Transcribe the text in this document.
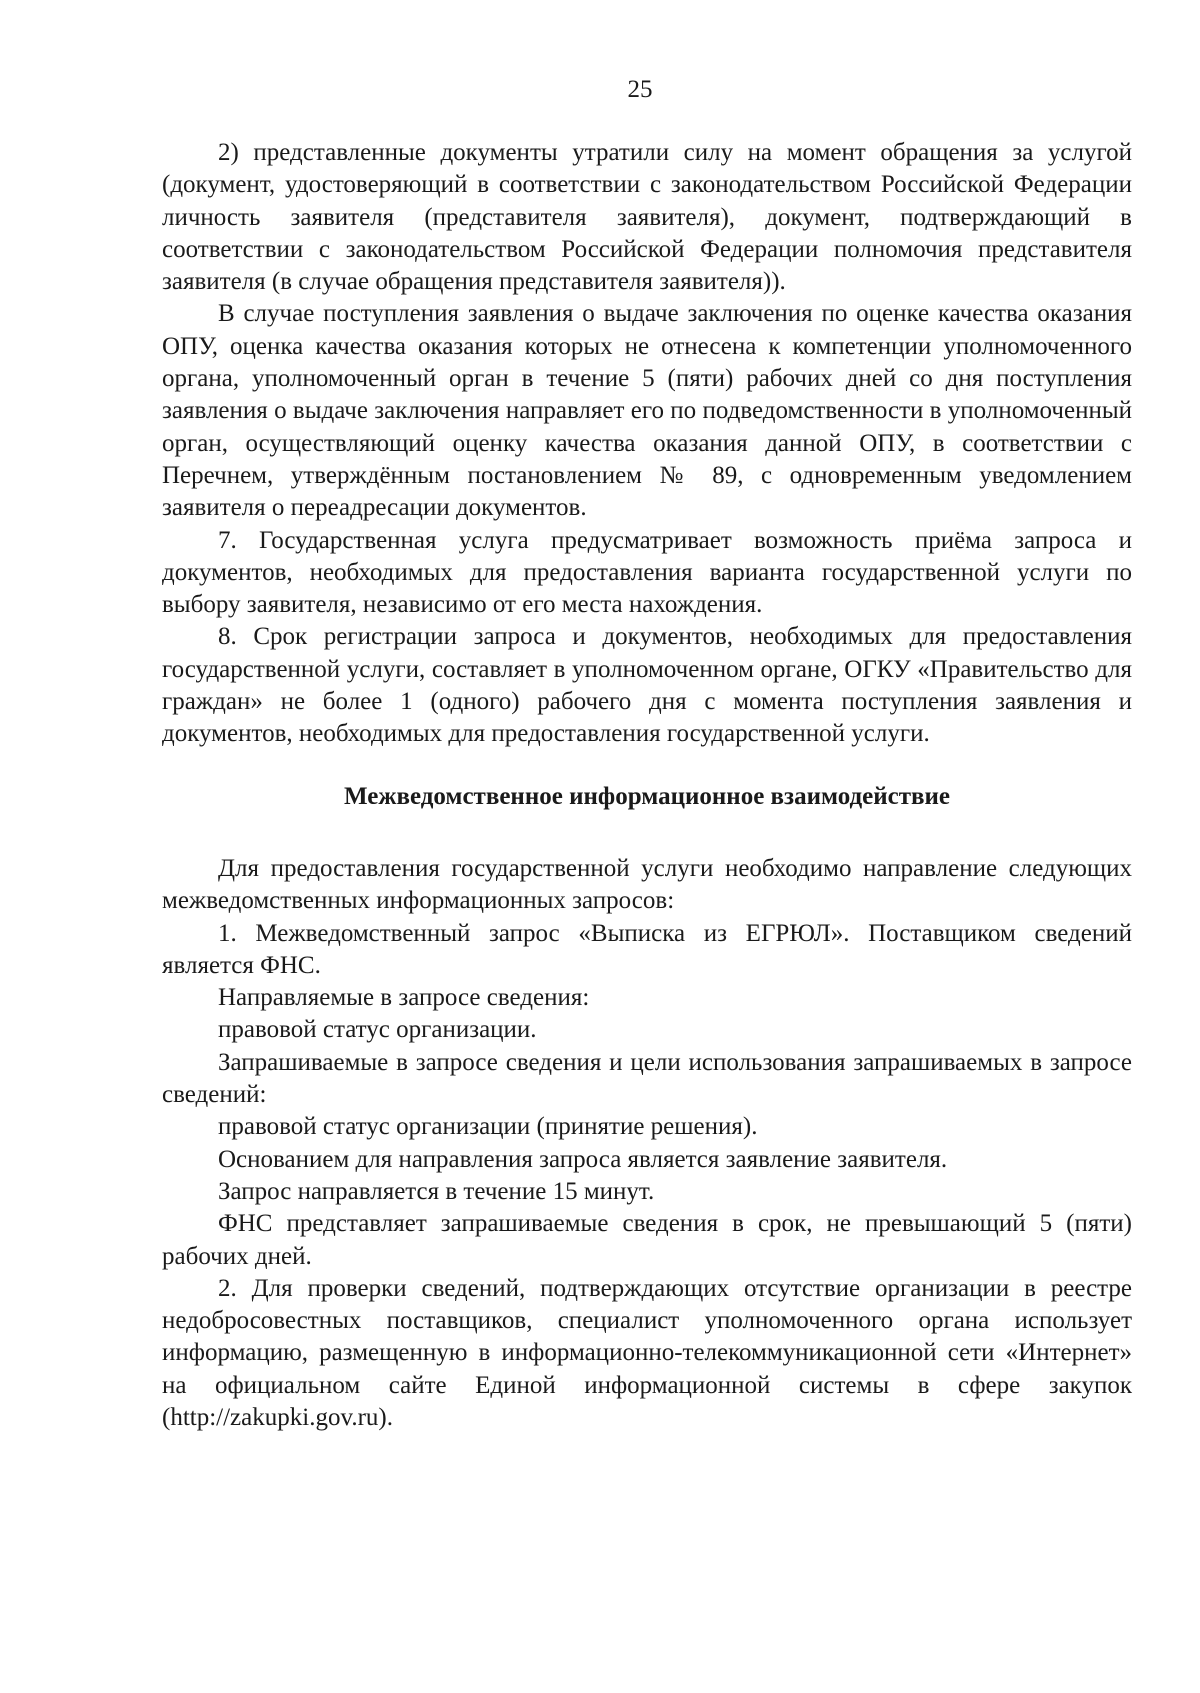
25

2) представленные документы утратили силу на момент обращения за услугой (документ, удостоверяющий в соответствии с законодательством Российской Федерации личность заявителя (представителя заявителя), документ, подтверждающий в соответствии с законодательством Российской Федерации полномочия представителя заявителя (в случае обращения представителя заявителя)).

В случае поступления заявления о выдаче заключения по оценке качества оказания ОПУ, оценка качества оказания которых не отнесена к компетенции уполномоченного органа, уполномоченный орган в течение 5 (пяти) рабочих дней со дня поступления заявления о выдаче заключения направляет его по подведомственности в уполномоченный орган, осуществляющий оценку качества оказания данной ОПУ, в соответствии с Перечнем, утверждённым постановлением № 89, с одновременным уведомлением заявителя о переадресации документов.

7. Государственная услуга предусматривает возможность приёма запроса и документов, необходимых для предоставления варианта государственной услуги по выбору заявителя, независимо от его места нахождения.

8. Срок регистрации запроса и документов, необходимых для предоставления государственной услуги, составляет в уполномоченном органе, ОГКУ «Правительство для граждан» не более 1 (одного) рабочего дня с момента поступления заявления и документов, необходимых для предоставления государственной услуги.

Межведомственное информационное взаимодействие

Для предоставления государственной услуги необходимо направление следующих межведомственных информационных запросов:

1. Межведомственный запрос «Выписка из ЕГРЮЛ». Поставщиком сведений является ФНС.

Направляемые в запросе сведения:

правовой статус организации.

Запрашиваемые в запросе сведения и цели использования запрашиваемых в запросе сведений:

правовой статус организации (принятие решения).

Основанием для направления запроса является заявление заявителя.

Запрос направляется в течение 15 минут.

ФНС представляет запрашиваемые сведения в срок, не превышающий 5 (пяти) рабочих дней.

2. Для проверки сведений, подтверждающих отсутствие организации в реестре недобросовестных поставщиков, специалист уполномоченного органа использует информацию, размещенную в информационно-телекоммуникационной сети «Интернет» на официальном сайте Единой информационной системы в сфере закупок (http://zakupki.gov.ru).
